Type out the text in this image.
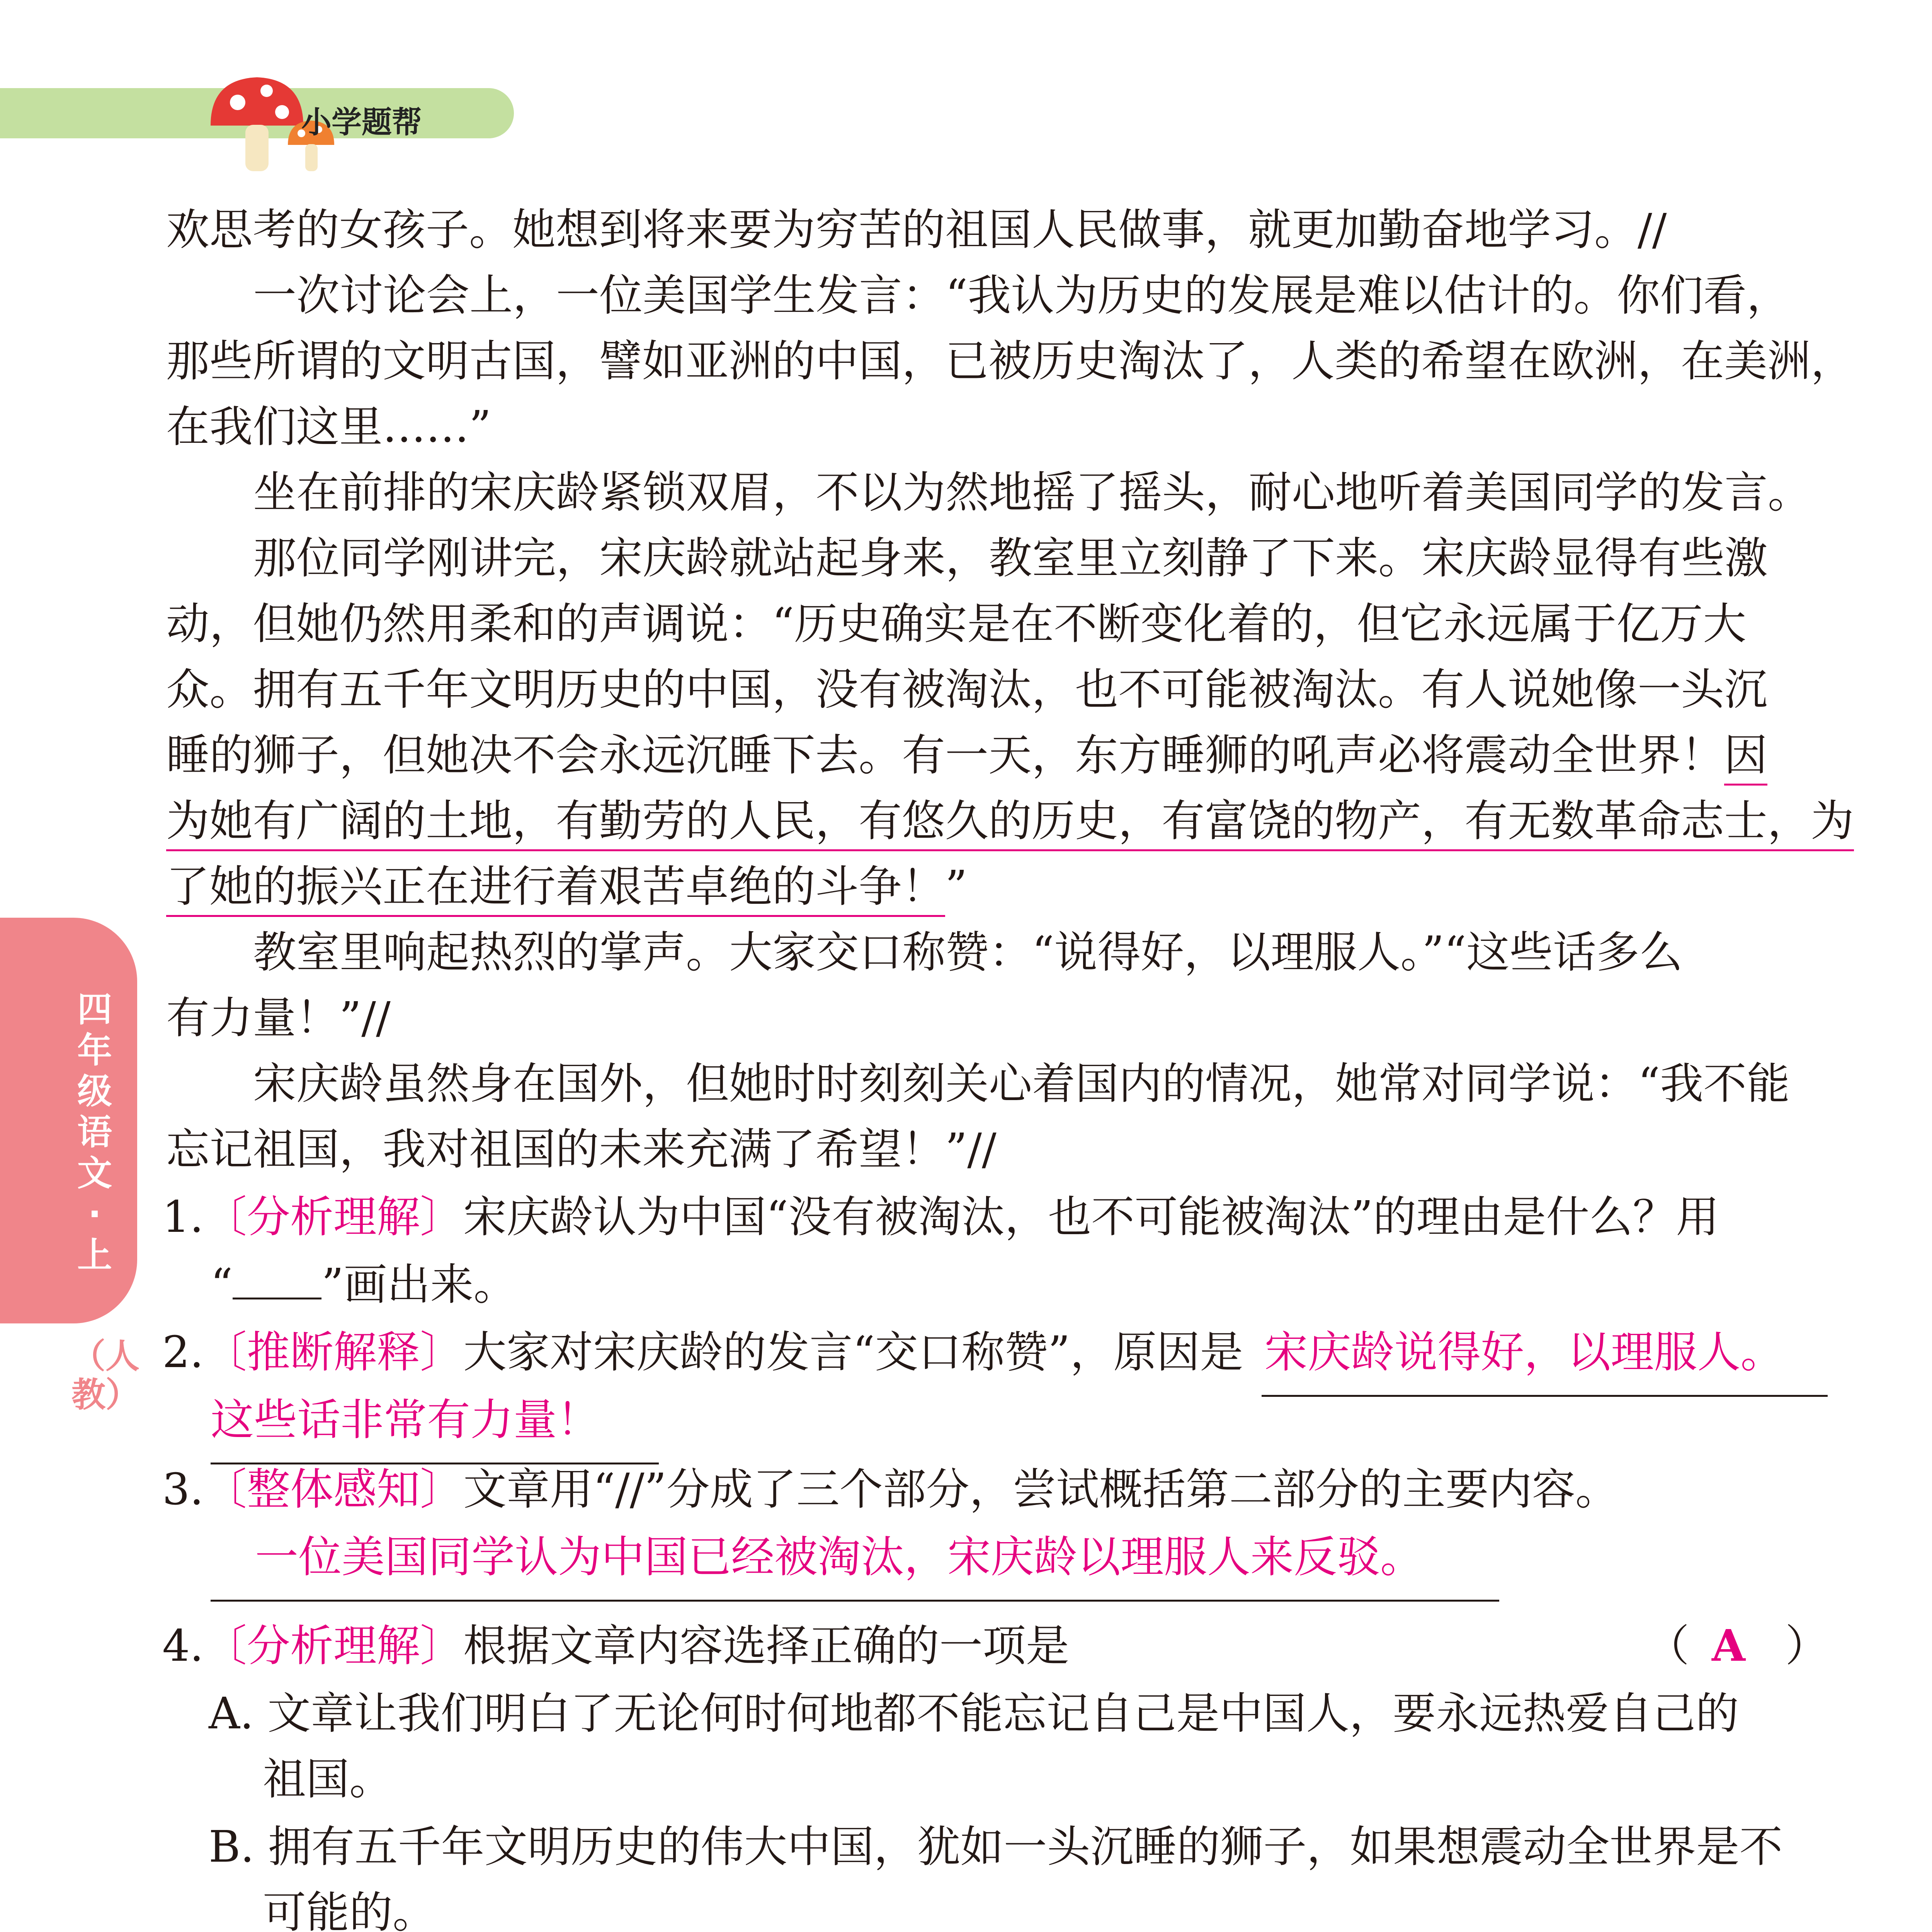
小学题帮
四年级语文·上
（人教）
欢思考的女孩子。她想到将来要为穷苦的祖国人民做事，就更加勤奋地学习。//
一次讨论会上，一位美国学生发言：“我认为历史的发展是难以估计的。你们看，
那些所谓的文明古国，譬如亚洲的中国，已被历史淘汰了，人类的希望在欧洲，在美洲，
在我们这里……”
坐在前排的宋庆龄紧锁双眉，不以为然地摇了摇头，耐心地听着美国同学的发言。
那位同学刚讲完，宋庆龄就站起身来，教室里立刻静了下来。宋庆龄显得有些激
动，但她仍然用柔和的声调说：“历史确实是在不断变化着的，但它永远属于亿万大
众。拥有五千年文明历史的中国，没有被淘汰，也不可能被淘汰。有人说她像一头沉
睡的狮子，但她决不会永远沉睡下去。有一天，东方睡狮的吼声必将震动全世界！因
为她有广阔的土地，有勤劳的人民，有悠久的历史，有富饶的物产，有无数革命志士，为
了她的振兴正在进行着艰苦卓绝的斗争！”
教室里响起热烈的掌声。大家交口称赞：“说得好，以理服人。”“这些话多么
有力量！”//
宋庆龄虽然身在国外，但她时时刻刻关心着国内的情况，她常对同学说：“我不能
忘记祖国，我对祖国的未来充满了希望！”//
1.〔分析理解〕宋庆龄认为中国“没有被淘汰，也不可能被淘汰”的理由是什么？用
“ ”画出来。
2.〔推断解释〕大家对宋庆龄的发言“交口称赞”，原因是 宋庆龄说得好，以理服人。
这些话非常有力量！
3.〔整体感知〕文章用“//”分成了三个部分，尝试概括第二部分的主要内容。
一位美国同学认为中国已经被淘汰，宋庆龄以理服人来反驳。
4.〔分析理解〕根据文章内容选择正确的一项是	（ A ）
A. 文章让我们明白了无论何时何地都不能忘记自己是中国人，要永远热爱自己的
祖国。
B. 拥有五千年文明历史的伟大中国，犹如一头沉睡的狮子，如果想震动全世界是不
可能的。
